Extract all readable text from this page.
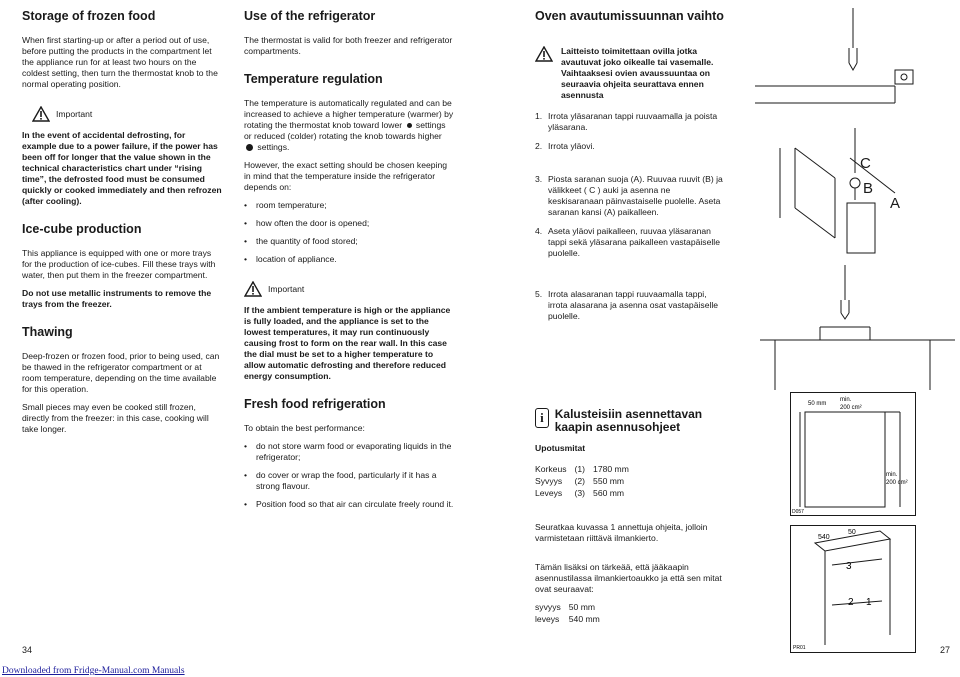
Storage of frozen food

When first starting-up or after a period out of use, before putting the products in the compartment let the appliance run for at least two hours on the coldest setting, then turn the thermostat knob to the normal operating position.

Important

In the event of accidental defrosting, for example due to a power failure, if the power has been off for longer that the value shown in the technical characteristics chart under “rising time”, the defrosted food must be consumed quickly or cooked immediately and then refrozen (after cooling).

Ice-cube production

This appliance is equipped with one or more trays for the production of ice-cubes. Fill these trays with water, then put them in the freezer compartment.

Do not use metallic instruments to remove the trays from the freezer.

Thawing

Deep-frozen or frozen food, prior to being used, can be thawed in the refrigerator compartment or at room temperature, depending on the time available for this operation.

Small pieces may even be cooked still frozen, directly from the freezer: in this case, cooking will take longer.

Use of the refrigerator

The thermostat is valid for both freezer and refrigerator compartments.

Temperature regulation

The temperature is automatically regulated and can be increased to achieve a higher temperature (warmer) by rotating the thermostat knob toward lower settings or reduced (colder) rotating the knob towards higher  settings.

However, the exact setting should be chosen keeping in mind that the temperature inside the refrigerator depends on:

• room temperature;
• how often the door is opened;
• the quantity of food stored;
• location of appliance.
Important

If the ambient temperature is high or the appliance is fully loaded, and the appliance is set to the lowest temperatures, it may run continuously causing frost to form on the rear wall. In this case the dial must be set to a higher temperature to allow automatic defrosting and therefore reduced energy consumption.

Fresh food refrigeration

To obtain the best performance:

• do not store warm food or evaporating liquids in the refrigerator;
• do cover or wrap the food, particularly if it has a strong flavour.
• Position food so that air can circulate freely round it.
Oven avautumissuunnan vaihto

Laitteisto toimitettaan ovilla jotka avautuvat joko oikealle tai vasemalle. Vaihtaaksesi ovien avaussuuntaa on seuraavia ohjeita seurattava ennen asennusta

1. Irrota yläsaranan tappi ruuvaamalla ja poista yläsarana.
2. Irrota yläovi.
3. Piosta saranan suoja (A). Ruuvaa ruuvit (B) ja välikkeet ( C ) auki ja asenna ne keskisaranaan päinvastaiselle puolelle. Aseta saranan kansi (A) paikalleen.
4. Aseta yläovi paikalleen, ruuvaa yläsaranan tappi sekä yläsarana paikalleen vastapäiselle puolelle.
5. Irrota alasaranan tappi ruuvaamalla tappi, irrota alasarana ja asenna osat vastapäiselle puolelle.
i Kalusteisiin asennettavan kaapin asennusohjeet

Upotusmitat

Korkeus	(1)	1780 mm
Syvyys	(2)	550 mm
Leveys	(3)	560 mm

Seuratkaa kuvassa 1 annettuja ohjeita, jolloin varmistetaan riittävä ilmankierto.

Tämän lisäksi on tärkeää, että jääkaapin asennustilassa ilmankiertoaukko ja että sen mitat ovat seuraavat:

syvyys	50 mm
leveys	540 mm
C
B
A
50 mm
min.
200 cm²
min.
200 cm²
D057
540
50
3
2 1
PR01
34	27
Downloaded from Fridge-Manual.com Manuals
